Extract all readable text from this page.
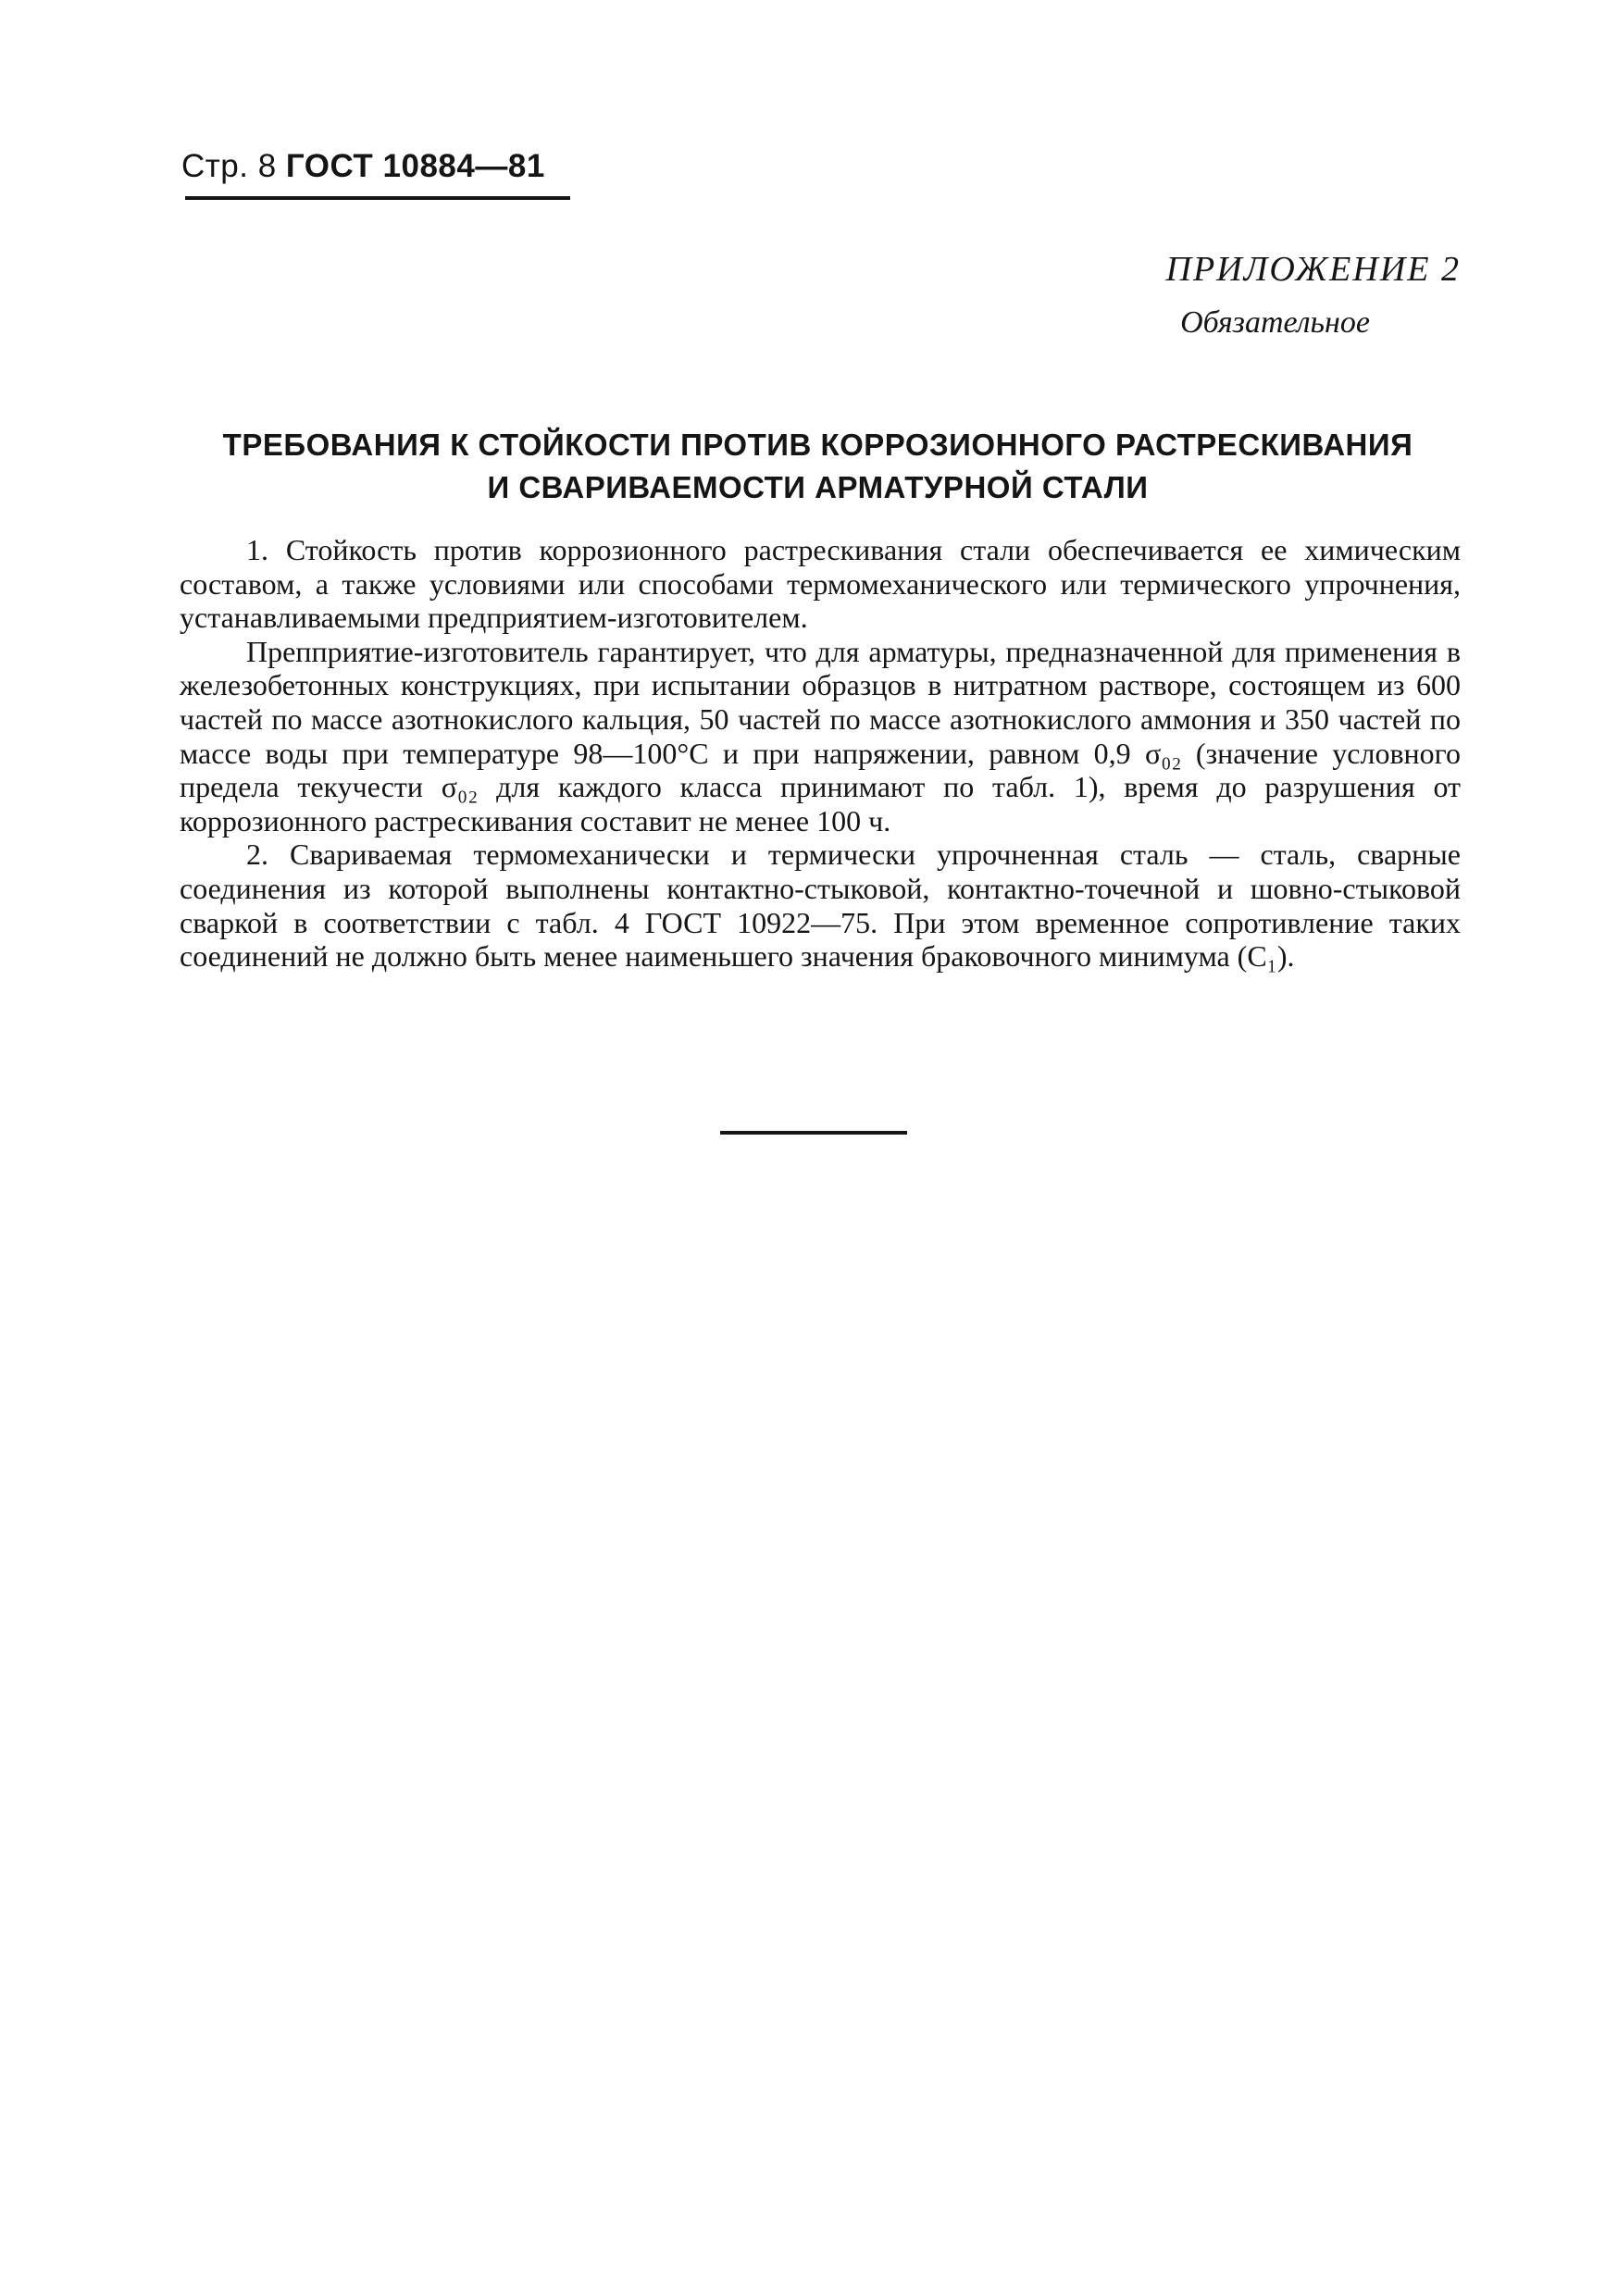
Стр. 8 ГОСТ 10884—81
ПРИЛОЖЕНИЕ 2
Обязательное
ТРЕБОВАНИЯ К СТОЙКОСТИ ПРОТИВ КОРРОЗИОННОГО РАСТРЕСКИВАНИЯ
И СВАРИВАЕМОСТИ АРМАТУРНОЙ СТАЛИ

1. Стойкость против коррозионного растрескивания стали обеспечивается ее химическим составом, а также условиями или способами термомеханического или термического упрочнения, устанавливаемыми предприятием-изготовителем.

Препприятие-изготовитель гарантирует, что для арматуры, предназначенной для применения в железобетонных конструкциях, при испытании образцов в нитратном растворе, состоящем из 600 частей по массе азотнокислого кальция, 50 частей по массе азотнокислого аммония и 350 частей по массе воды при температуре 98—100°С и при напряжении, равном 0,9 σ₀₂ (значение условного предела текучести σ₀₂ для каждого класса принимают по табл. 1), время до разрушения от коррозионного растрескивания составит не менее 100 ч.

2. Свариваемая термомеханически и термически упрочненная сталь — сталь, сварные соединения из которой выполнены контактно-стыковой, контактно-точечной и шовно-стыковой сваркой в соответствии с табл. 4 ГОСТ 10922—75. При этом временное сопротивление таких соединений не должно быть менее наименьшего значения браковочного минимума (C₁).
